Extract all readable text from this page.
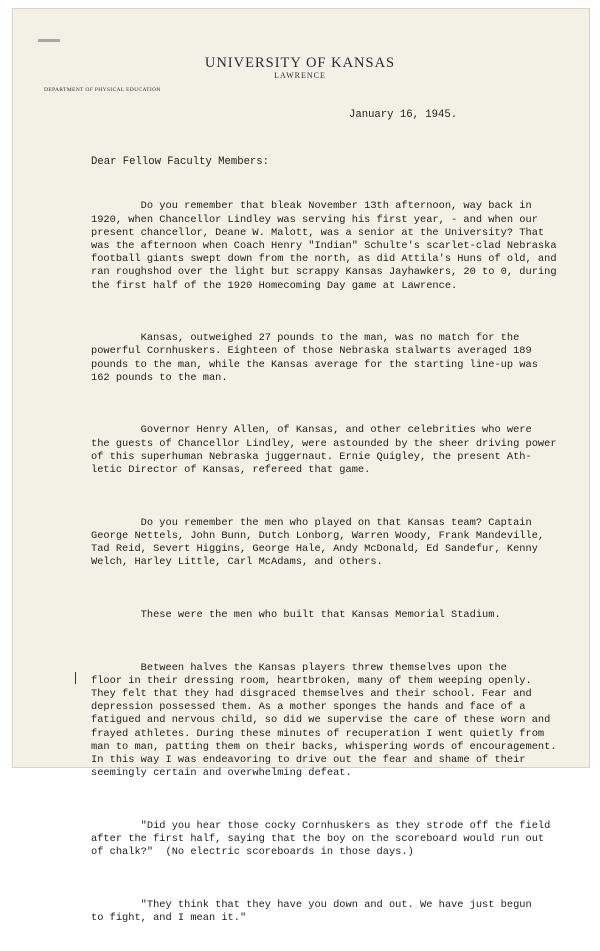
UNIVERSITY OF KANSAS
LAWRENCE
DEPARTMENT OF PHYSICAL EDUCATION
January 16, 1945.
Dear Fellow Faculty Members:

Do you remember that bleak November 13th afternoon, way back
1920, when Chancellor Lindley was serving his first year, - and when
present chancellor, Deane W. Malott, was a senior at the University?
was the afternoon when Coach Henry "Indian" Schulte's scarlet-clad
football giants swept down from the north, as did Attila's Huns of old,
ran roughshod over the light but scrappy Kansas Jayhawkers, 20 to 0,
the first half of the 1920 Homecoming Day game at Lawrence.

Kansas, outweighed 27 pounds to the man, was no match for the
powerful Cornhuskers. Eighteen of those Nebraska stalwarts averaged
pounds to the man, while the Kansas average for the starting line-up
162 pounds to the man.

Governor Henry Allen, of Kansas, and other celebrities who were
the guests of Chancellor Lindley, were astounded by the sheer driving
of this superhuman Nebraska juggernaut. Ernie Quigley, the present Ath-
letic Director of Kansas, refereed that game.

Do you remember the men who played on that Kansas team? Captain
George Nettels, John Bunn, Dutch Lonborg, Warren Woody, Frank Mandeville,
Tad Reid, Severt Higgins, George Hale, Andy McDonald, Ed Sandefur,
Welch, Harley Little, Carl McAdams, and others.

These were the men who built that Kansas Memorial Stadium.

Between halves the Kansas players threw themselves upon the
floor in their dressing room, heartbroken, many of them weeping openly.
They felt that they had disgraced themselves and their school. Fear
depression possessed them. As a mother sponges the hands and face of
fatigued and nervous child, so did we supervise the care of these worn
frayed athletes. During these minutes of recuperation I went quietly
man to man, patting them on their backs, whispering words of encouragement.
In this way I was endeavoring to drive out the fear and shame of their
seemingly certain and overwhelming defeat.

"Did you hear those cocky Cornhuskers as they strode off the field
after the first half, saying that the boy on the scoreboard would run out
of chalk?"  (No electric scoreboards in those days.)

"They think that they have you down and out. We have just begun
to fight, and I mean it."
